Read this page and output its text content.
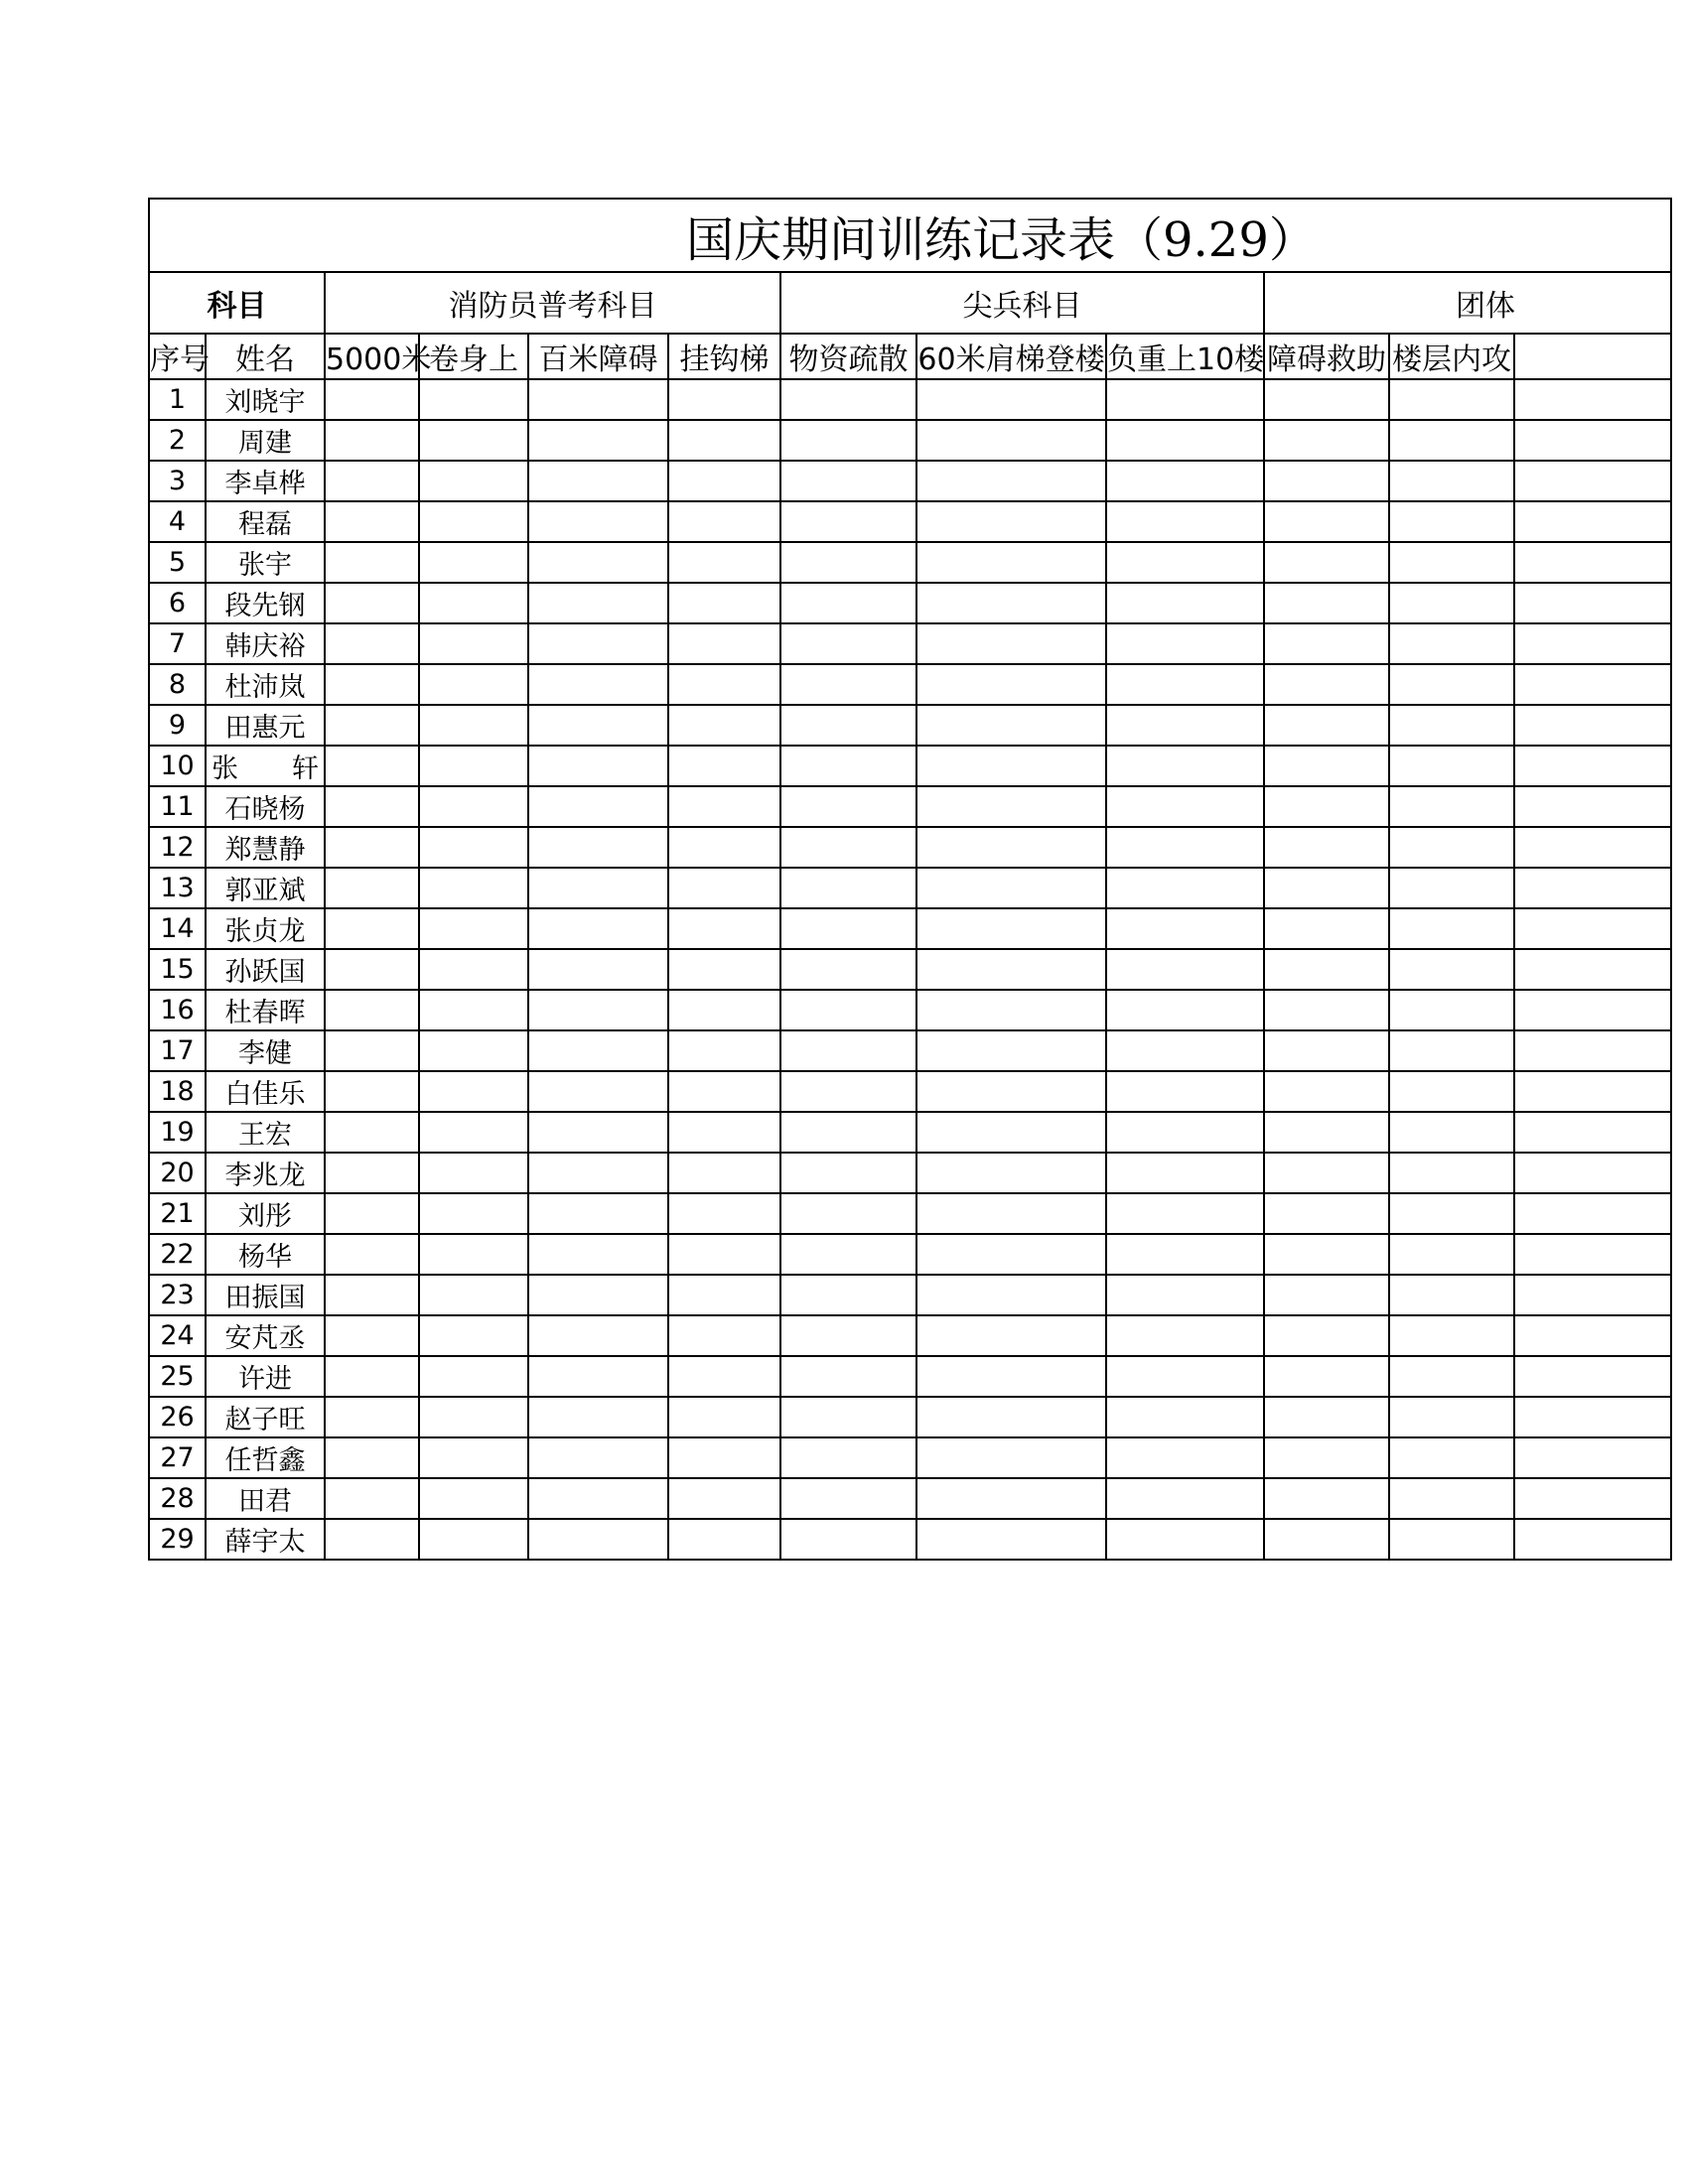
国庆期间训练记录表（9.29）											
科目		消防员普考科目				尖兵科目			团体		
序号	姓名	5000米	卷身上	百米障碍	挂钩梯	物资疏散	60米肩梯登楼	负重上10楼	障碍救助	楼层内攻	
1	刘晓宇										
2	周建										
3	李卓桦										
4	程磊										
5	张宇										
6	段先钢										
7	韩庆裕										
8	杜沛岚										
9	田惠元										
10	张　　轩										
11	石晓杨										
12	郑慧静										
13	郭亚斌										
14	张贞龙										
15	孙跃国										
16	杜春晖										
17	李健										
18	白佳乐										
19	王宏										
20	李兆龙										
21	刘彤										
22	杨华										
23	田振国										
24	安芃丞										
25	许进										
26	赵子旺										
27	任哲鑫										
28	田君										
29	薛宇太										
